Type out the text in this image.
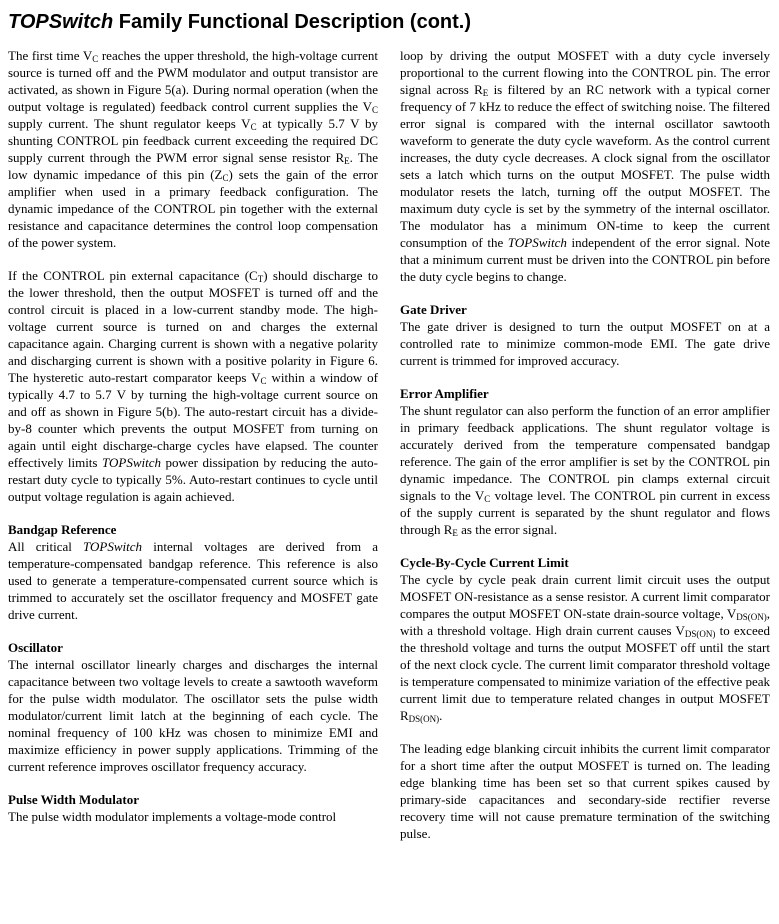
TOPSwitch Family Functional Description (cont.)
The first time $V_C$ reaches the upper threshold, the high-voltage current source is turned off and the PWM modulator and output transistor are activated, as shown in Figure 5(a). During normal operation (when the output voltage is regulated) feedback control current supplies the $V_C$ supply current. The shunt regulator keeps $V_C$ at typically 5.7 V by shunting CONTROL pin feedback current exceeding the required DC supply current through the PWM error signal sense resistor $R_E$. The low dynamic impedance of this pin $(Z_C)$ sets the gain of the error amplifier when used in a primary feedback configuration. The dynamic impedance of the CONTROL pin together with the external resistance and capacitance determines the control loop compensation of the power system.
If the CONTROL pin external capacitance $(C_T)$ should discharge to the lower threshold, then the output MOSFET is turned off and the control circuit is placed in a low-current standby mode. The high-voltage current source is turned on and charges the external capacitance again. Charging current is shown with a negative polarity and discharging current is shown with a positive polarity in Figure 6. The hysteretic auto-restart comparator keeps $V_C$ within a window of typically 4.7 to 5.7 V by turning the high-voltage current source on and off as shown in Figure 5(b). The auto-restart circuit has a divide-by-8 counter which prevents the output MOSFET from turning on again until eight discharge-charge cycles have elapsed. The counter effectively limits TOPSwitch power dissipation by reducing the auto-restart duty cycle to typically 5%. Auto-restart continues to cycle until output voltage regulation is again achieved.
Bandgap Reference
All critical TOPSwitch internal voltages are derived from a temperature-compensated bandgap reference. This reference is also used to generate a temperature-compensated current source which is trimmed to accurately set the oscillator frequency and MOSFET gate drive current.
Oscillator
The internal oscillator linearly charges and discharges the internal capacitance between two voltage levels to create a sawtooth waveform for the pulse width modulator. The oscillator sets the pulse width modulator/current limit latch at the beginning of each cycle. The nominal frequency of 100 kHz was chosen to minimize EMI and maximize efficiency in power supply applications. Trimming of the current reference improves oscillator frequency accuracy.
Pulse Width Modulator
The pulse width modulator implements a voltage-mode control
loop by driving the output MOSFET with a duty cycle inversely proportional to the current flowing into the CONTROL pin. The error signal across $R_E$ is filtered by an RC network with a typical corner frequency of 7 kHz to reduce the effect of switching noise. The filtered error signal is compared with the internal oscillator sawtooth waveform to generate the duty cycle waveform. As the control current increases, the duty cycle decreases. A clock signal from the oscillator sets a latch which turns on the output MOSFET. The pulse width modulator resets the latch, turning off the output MOSFET. The maximum duty cycle is set by the symmetry of the internal oscillator. The modulator has a minimum ON-time to keep the current consumption of the TOPSwitch independent of the error signal. Note that a minimum current must be driven into the CONTROL pin before the duty cycle begins to change.
Gate Driver
The gate driver is designed to turn the output MOSFET on at a controlled rate to minimize common-mode EMI. The gate drive current is trimmed for improved accuracy.
Error Amplifier
The shunt regulator can also perform the function of an error amplifier in primary feedback applications. The shunt regulator voltage is accurately derived from the temperature compensated bandgap reference. The gain of the error amplifier is set by the CONTROL pin dynamic impedance. The CONTROL pin clamps external circuit signals to the $V_C$ voltage level. The CONTROL pin current in excess of the supply current is separated by the shunt regulator and flows through $R_E$ as the error signal.
Cycle-By-Cycle Current Limit
The cycle by cycle peak drain current limit circuit uses the output MOSFET ON-resistance as a sense resistor. A current limit comparator compares the output MOSFET ON-state drain-source voltage, $V_{DS(ON)}$, with a threshold voltage. High drain current causes $V_{DS(ON)}$ to exceed the threshold voltage and turns the output MOSFET off until the start of the next clock cycle. The current limit comparator threshold voltage is temperature compensated to minimize variation of the effective peak current limit due to temperature related changes in output MOSFET $R_{DS(ON)}$.
The leading edge blanking circuit inhibits the current limit comparator for a short time after the output MOSFET is turned on. The leading edge blanking time has been set so that current spikes caused by primary-side capacitances and secondary-side rectifier reverse recovery time will not cause premature termination of the switching pulse.
